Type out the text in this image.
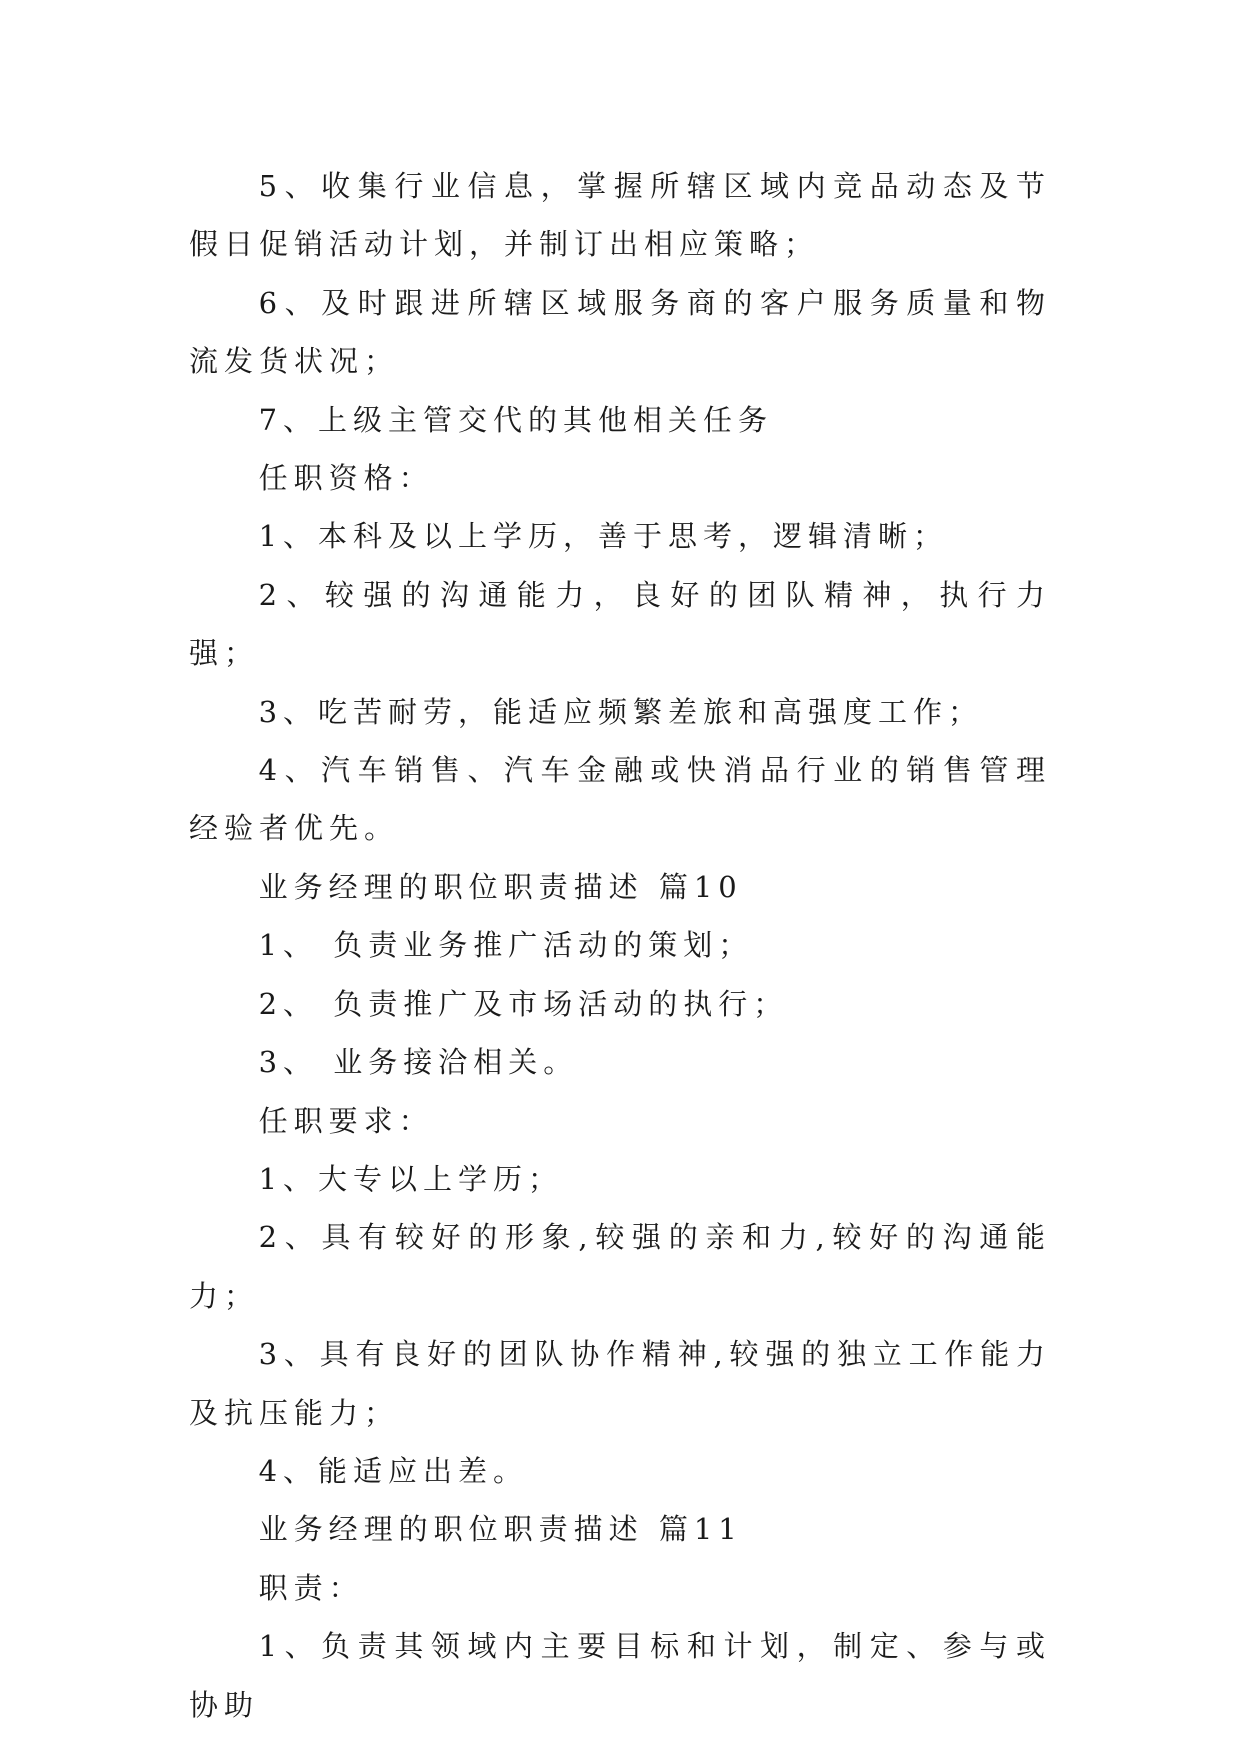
5、收集行业信息，掌握所辖区域内竞品动态及节假日促销活动计划，并制订出相应策略；

6、及时跟进所辖区域服务商的客户服务质量和物流发货状况；

7、上级主管交代的其他相关任务

任职资格：

1、本科及以上学历，善于思考，逻辑清晰；

2、较强的沟通能力，良好的团队精神，执行力强；

3、吃苦耐劳，能适应频繁差旅和高强度工作；

4、汽车销售、汽车金融或快消品行业的销售管理经验者优先。

业务经理的职位职责描述 篇10

1、 负责业务推广活动的策划；

2、 负责推广及市场活动的执行；

3、 业务接洽相关。

任职要求：

1、大专以上学历；

2、具有较好的形象,较强的亲和力,较好的沟通能力；

3、具有良好的团队协作精神,较强的独立工作能力及抗压能力；

4、能适应出差。

业务经理的职位职责描述 篇11

职责：

1、负责其领域内主要目标和计划，制定、参与或协助
